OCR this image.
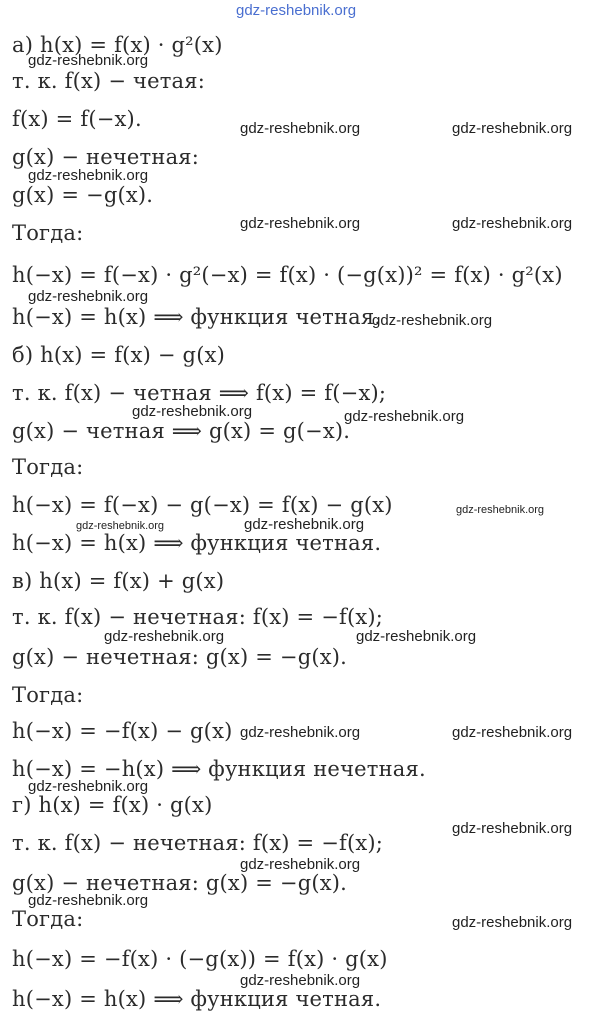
а) h(x) = f(x) · g²(x)
т. к. f(x) − четая:
f(x) = f(−x).
g(x) − нечетная:
g(x) = −g(x).
Тогда:
h(−x) = f(−x) · g²(−x) = f(x) · (−g(x))² = f(x) · g²(x)
h(−x) = h(x) ⟹ функция четная.
б) h(x) = f(x) − g(x)
т. к. f(x) − четная ⟹ f(x) = f(−x);
g(x) − четная ⟹ g(x) = g(−x).
Тогда:
h(−x) = f(−x) − g(−x) = f(x) − g(x)
h(−x) = h(x) ⟹ функция четная.
в) h(x) = f(x) + g(x)
т. к. f(x) − нечетная: f(x) = −f(x);
g(x) − нечетная: g(x) = −g(x).
Тогда:
h(−x) = −f(x) − g(x)
h(−x) = −h(x) ⟹ функция нечетная.
г) h(x) = f(x) · g(x)
т. к. f(x) − нечетная: f(x) = −f(x);
g(x) − нечетная: g(x) = −g(x).
Тогда:
h(−x) = −f(x) · (−g(x)) = f(x) · g(x)
h(−x) = h(x) ⟹ функция четная.
gdz-reshebnik.org
gdz-reshebnik.org
gdz-reshebnik.org	gdz-reshebnik.org
gdz-reshebnik.org
gdz-reshebnik.org	gdz-reshebnik.org
gdz-reshebnik.org
gdz-reshebnik.org
gdz-reshebnik.org	gdz-reshebnik.org
gdz-reshebnik.org
gdz-reshebnik.org	gdz-reshebnik.org
gdz-reshebnik.org	gdz-reshebnik.org
gdz-reshebnik.org	gdz-reshebnik.org
gdz-reshebnik.org
gdz-reshebnik.org
gdz-reshebnik.org
gdz-reshebnik.org
gdz-reshebnik.org
gdz-reshebnik.org
